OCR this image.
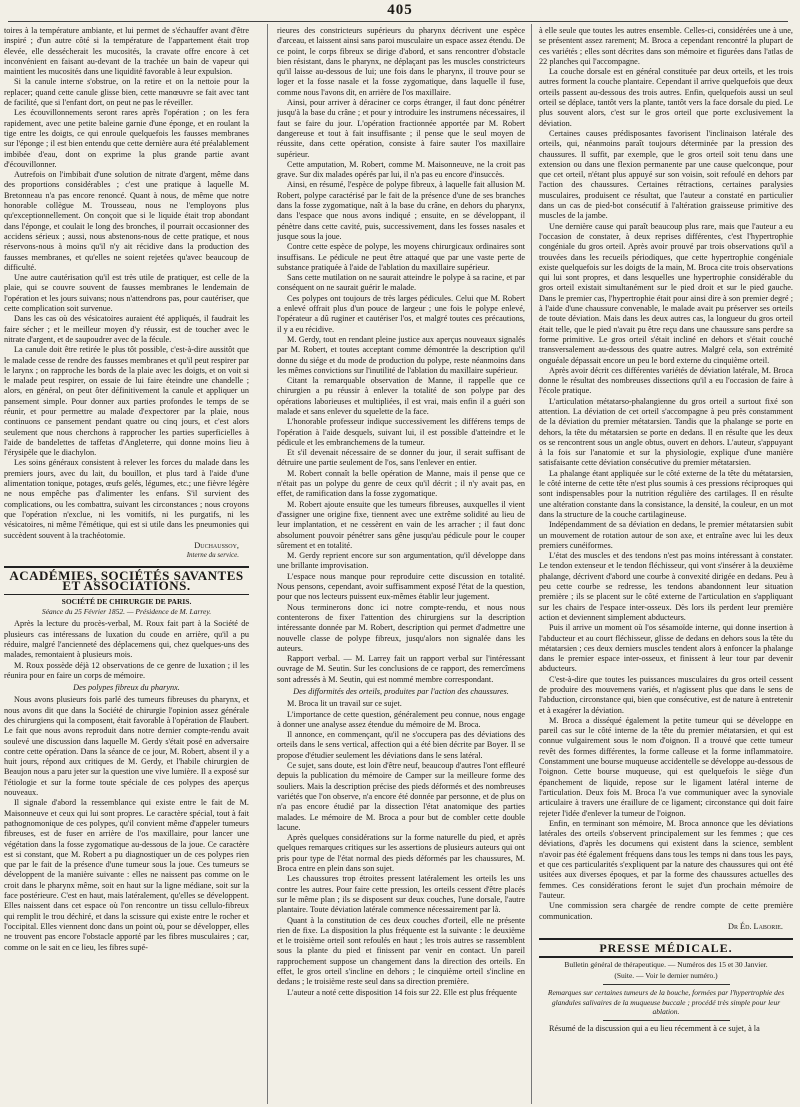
405

toires à la température ambiante, et lui permet de s'échauffer avant d'être inspiré ; d'un autre côté si la température de l'appartement était trop élevée, elle dessécherait les mucosités, la cravate offre encore à cet inconvénient en faisant au-devant de la trachée un bain de vapeur qui maintient les mucosités dans une liquidité favorable à leur expulsion.

Si la canule interne s'obstrue, on la retire et on la nettoie pour la replacer; quand cette canule glisse bien, cette manœuvre se fait avec tant de facilité, que si l'enfant dort, on peut ne pas le réveiller.

Les écouvillonnements seront rares après l'opération ; on les fera rapidement, avec une petite baleine garnie d'une éponge, et en roulant la tige entre les doigts, ce qui enroule quelquefois les fausses membranes sur l'éponge ; il est bien entendu que cette dernière aura été préalablement imbibée d'eau, dont on exprime la plus grande partie avant d'écouvillonner.

Autrefois on l'imbibait d'une solution de nitrate d'argent, même dans des proportions considérables ; c'est une pratique à laquelle M. Bretonneau n'a pas encore renoncé. Quant à nous, de même que notre honorable collègue M. Trousseau, nous ne l'employons plus qu'exceptionnellement. On conçoit que si le liquide était trop abondant dans l'éponge, et coulait le long des bronches, il pourrait occasionner des accidens sérieux ; aussi, nous abstenons-nous de cette pratique, et nous réservons-nous à moins qu'il n'y ait récidive dans la production des fausses membranes, et qu'elles ne soient rejetées qu'avec beaucoup de difficulté.

Une autre cautérisation qu'il est très utile de pratiquer, est celle de la plaie, qui se couvre souvent de fausses membranes le lendemain de l'opération et les jours suivans; nous n'attendrons pas, pour cautériser, que cette complication soit survenue.

Dans les cas où des vésicatoires auraient été appliqués, il faudrait les faire sécher ; et le meilleur moyen d'y réussir, est de toucher avec le nitrate d'argent, et de saupoudrer avec de la fécule.

La canule doit être retirée le plus tôt possible, c'est-à-dire aussitôt que le malade cesse de rendre des fausses membranes et qu'il peut respirer par le larynx ; on rapproche les bords de la plaie avec les doigts, et on voit si le malade peut respirer, on essaie de lui faire éteindre une chandelle ; alors, en général, on peut ôter définitivement la canule et appliquer un pansement simple. Pour donner aux parties profondes le temps de se réunir, et pour permettre au malade d'expectorer par la plaie, nous continuons ce pansement pendant quatre ou cinq jours, et c'est alors seulement que nous cherchons à rapprocher les parties superficielles à l'aide de bandelettes de taffetas d'Angleterre, qui donne moins lieu à l'érysipèle que le diachylon.

Les soins généraux consistent à relever les forces du malade dans les premiers jours, avec du lait, du bouillon, et plus tard à l'aide d'une alimentation tonique, potages, œufs gelés, légumes, etc.; une fièvre légère ne nous empêche pas d'alimenter les enfans. S'il survient des complications, ou les combattra, suivant les circonstances ; nous croyons que l'opération n'exclue, ni les vomitifs, ni les purgatifs, ni les vésicatoires, ni même l'émétique, qui est si utile dans les pneumonies qui succèdent souvent à la trachéotomie.

Duchaussoy,
Interne du service.
ACADÉMIES, SOCIÉTÉS SAVANTES ET ASSOCIATIONS.
SOCIÉTÉ DE CHIRURGIE DE PARIS.
Séance du 25 Février 1852. — Présidence de M. Larrey.

Après la lecture du procès-verbal, M. Roux fait part à la Société de plusieurs cas intéressans de luxation du coude en arrière, qu'il a pu réduire, malgré l'ancienneté des déplacemens qui, chez quelques-uns des malades, remontaient à plusieurs mois.

M. Roux possède déjà 12 observations de ce genre de luxation ; il les réunira pour en faire un corps de mémoire.

Des polypes fibreux du pharynx.

Nous avons plusieurs fois parlé des tumeurs fibreuses du pharynx, et nous avons dit que dans la Société de chirurgie l'opinion assez générale des chirurgiens qui la composent, était favorable à l'opération de Flaubert. Le fait que nous avons reproduit dans notre dernier compte-rendu avait soulevé une discussion dans laquelle M. Gerdy s'était posé en adversaire contre cette opération. Dans la séance de ce jour, M. Robert, absent il y a huit jours, répond aux critiques de M. Gerdy, et l'habile chirurgien de Beaujon nous a paru jeter sur la question une vive lumière. Il a exposé sur l'étiologie et sur la forme toute spéciale de ces polypes des aperçus nouveaux.

Il signale d'abord la ressemblance qui existe entre le fait de M. Maisonneuve et ceux qui lui sont propres. Le caractère spécial, tout à fait pathognomonique de ces polypes, qu'il convient même d'appeler tumeurs fibreuses, est de fuser en arrière de l'os maxillaire, pour lancer une végétation dans la fosse zygomatique au-dessous de la joue. Ce caractère est si constant, que M. Robert a pu diagnostiquer un de ces polypes rien que par le fait de la présence d'une tumeur sous la joue. Ces tumeurs se développent de la manière suivante : elles ne naissent pas comme on le croit dans le pharynx même, soit en haut sur la ligne médiane, soit sur la face postérieure. C'est en haut, mais latéralement, qu'elles se développent. Elles naissent dans cet espace où l'on rencontre un tissu cellulo-fibreux qui remplit le trou déchiré, et dans la scissure qui existe entre le rocher et l'occipital. Elles viennent donc dans un point où, pour se développer, elles ne trouvent pas encore l'obstacle apporté par les fibres musculaires ; car, comme on le sait en ce lieu, les fibres supé-

rieures des constricteurs supérieurs du pharynx décrivent une espèce d'arceau, et laissent ainsi sans paroi musculaire un espace assez étendu. De ce point, le corps fibreux se dirige d'abord, et sans rencontrer d'obstacle bien résistant, dans le pharynx, ne déplaçant pas les muscles constricteurs qu'il laisse au-dessous de lui; une fois dans le pharynx, il trouve pour se loger et la fosse nasale et la fosse zygomatique, dans laquelle il fuse, comme nous l'avons dit, en arrière de l'os maxillaire.

Ainsi, pour arriver à déraciner ce corps étranger, il faut donc pénétrer jusqu'à la base du crâne ; et pour y introduire les instrumens nécessaires, il faut se faire du jour. L'opération fractionnée apportée par M. Robert dangereuse et tout à fait insuffisante ; il pense que le seul moyen de réussite, dans cette opération, consiste à faire sauter l'os maxillaire supérieur.

Cette amputation, M. Robert, comme M. Maisonneuve, ne la croit pas grave. Sur dix malades opérés par lui, il n'a pas eu encore d'insuccès.

Ainsi, en résumé, l'espèce de polype fibreux, à laquelle fait allusion M. Robert, polype caractérisé par le fait de la présence d'une de ses branches dans la fosse zygomatique, naît à la base du crâne, en dehors du pharynx, dans l'espace que nous avons indiqué ; ensuite, en se développant, il pénètre dans cette cavité, puis, successivement, dans les fosses nasales et jusque sous la joue.

Contre cette espèce de polype, les moyens chirurgicaux ordinaires sont insuffisans. Le pédicule ne peut être attaqué que par une vaste perte de substance pratiquée à l'aide de l'ablation du maxillaire supérieur.

Sans cette mutilation on ne saurait atteindre le polype à sa racine, et par conséquent on ne saurait guérir le malade.

Ces polypes ont toujours de très larges pédicules. Celui que M. Robert a enlevé offrait plus d'un pouce de largeur ; une fois le polype enlevé, l'opérateur a dû ruginer et cautériser l'os, et malgré toutes ces précautions, il y a eu récidive.

M. Gerdy, tout en rendant pleine justice aux aperçus nouveaux signalés par M. Robert, et toutes acceptant comme démontrée la description qu'il donne du siége et du mode de production du polype, reste néanmoins dans les mêmes convictions sur l'inutilité de l'ablation du maxillaire supérieur.

Citant la remarquable observation de Manne, il rappelle que ce chirurgien a pu réussir à enlever la totalité de son polype par des opérations laborieuses et multipliées, il est vrai, mais enfin il a guéri son malade et sans enlever du squelette de la face.

L'honorable professeur indique successivement les différens temps de l'opération à l'aide desquels, suivant lui, il est possible d'atteindre et le pédicule et les embranchemens de la tumeur.

Et s'il devenait nécessaire de se donner du jour, il serait suffisant de détruire une partie seulement de l'os, sans l'enlever en entier.

M. Robert connaît la belle opération de Manne, mais il pense que ce n'était pas un polype du genre de ceux qu'il décrit ; il n'y avait pas, en effet, de ramification dans la fosse zygomatique.

M. Robert ajoute ensuite que les tumeurs fibreuses, auxquelles il vient d'assigner une origine fixe, tiennent avec une extrême solidité au lieu de leur implantation, et ne cessèrent en vain de les arracher ; il faut donc absolument pouvoir pénétrer sans gêne jusqu'au pédicule pour le couper sûrement et en totalité.

M. Gerdy reprient encore sur son argumentation, qu'il développe dans une brillante improvisation.

L'espace nous manque pour reproduire cette discussion en totalité. Nous pensons, cependant, avoir suffisamment exposé l'état de la question, pour que nos lecteurs puissent eux-mêmes établir leur jugement.

Nous terminerons donc ici notre compte-rendu, et nous nous contenterons de fixer l'attention des chirurgiens sur la description intéressante donnée par M. Robert, description qui permet d'admettre une nouvelle classe de polype fibreux, jusqu'alors non signalée dans les auteurs.

Rapport verbal. — M. Larrey fait un rapport verbal sur l'intéressant ouvrage de M. Seutin. Sur les conclusions de ce rapport, des remercîmens sont adressés à M. Seutin, qui est nommé membre correspondant.

Des difformités des orteils, produites par l'action des chaussures.

M. Broca lit un travail sur ce sujet.

L'importance de cette question, généralement peu connue, nous engage à donner une analyse assez étendue du mémoire de M. Broca.

Il annonce, en commençant, qu'il ne s'occupera pas des déviations des orteils dans le sens vertical, affection qui a été bien décrite par Boyer. Il se propose d'étudier seulement les déviations dans le sens latéral.

Ce sujet, sans doute, est loin d'être neuf, beaucoup d'autres l'ont effleuré depuis la publication du mémoire de Camper sur la meilleure forme des souliers. Mais la description précise des pieds déformés et des nombreuses variétés que l'on observe, n'a encore été donnée par personne, et de plus on n'a pas encore étudié par la dissection l'état anatomique des parties malades. Le mémoire de M. Broca a pour but de combler cette double lacune.

Après quelques considérations sur la forme naturelle du pied, et après quelques remarques critiques sur les assertions de plusieurs auteurs qui ont pris pour type de l'état normal des pieds déformés par les chaussures, M. Broca entre en plein dans son sujet.

Les chaussures trop étroites pressent latéralement les orteils les uns contre les autres. Pour faire cette pression, les orteils cessent d'être placés sur le même plan ; ils se disposent sur deux couches, l'une dorsale, l'autre plantaire. Toute déviation latérale commence nécessairement par là.

Quant à la constitution de ces deux couches d'orteil, elle ne présente rien de fixe. La disposition la plus fréquente est la suivante : le deuxième et le troisième orteil sont refoulés en haut ; les trois autres se rassemblent sous la plante du pied et finissent par venir en contact. Un pareil rapprochement suppose un changement dans la direction des orteils. En effet, le gros orteil s'incline en dehors ; le cinquième orteil s'incline en dedans ; le troisième reste seul dans sa direction première.

L'auteur a noté cette disposition 14 fois sur 22. Elle est plus fréquente

à elle seule que toutes les autres ensemble. Celles-ci, considérées une à une, se présentent assez rarement; M. Broca a cependant rencontré la plupart de ces variétés ; elles sont décrites dans son mémoire et figurées dans l'atlas de 22 planches qui l'accompagne.

La couche dorsale est en général constituée par deux orteils, et les trois autres forment la couche plantaire. Cependant il arrive quelquefois que deux orteils passent au-dessous des trois autres. Enfin, quelquefois aussi un seul orteil se déplace, tantôt vers la plante, tantôt vers la face dorsale du pied. Le plus souvent alors, c'est sur le gros orteil que porte exclusivement la déviation.

Certaines causes prédisposantes favorisent l'inclinaison latérale des orteils, qui, néanmoins paraît toujours déterminée par la pression des chaussures. Il suffit, par exemple, que le gros orteil soit tenu dans une extension ou dans une flexion permanente par une cause quelconque, pour que cet orteil, n'étant plus appuyé sur son voisin, soit refoulé en dehors par l'action des chaussures. Certaines rétractions, certaines paralysies musculaires, produisent ce résultat, que l'auteur a constaté en particulier dans un cas de pied-bot consécutif à l'altération graisseuse primitive des muscles de la jambe.

Une dernière cause qui paraît beaucoup plus rare, mais que l'auteur a eu l'occasion de constater, à deux reprises différentes, c'est l'hypertrophie congéniale du gros orteil. Après avoir prouvé par trois observations qu'il a trouvées dans les recueils périodiques, que cette hypertrophie congéniale existe quelquefois sur les doigts de la main, M. Broca cite trois observations qui lui sont propres, et dans lesquelles une hypertrophie considérable du gros orteil existait simultanément sur le pied droit et sur le pied gauche. Dans le premier cas, l'hypertrophie était pour ainsi dire à son premier degré ; à l'aide d'une chaussure convenable, le malade avait pu préserver ses orteils de toute déviation. Mais dans les deux autres cas, la longueur du gros orteil était telle, que le pied n'avait pu être reçu dans une chaussure sans perdre sa forme primitive. Le gros orteil s'était incliné en dehors et s'était couché transversalement au-dessous des quatre autres. Malgré cela, son extrémité onguéale dépassait encore un peu le bord externe du cinquième orteil.

Après avoir décrit ces différentes variétés de déviation latérale, M. Broca donne le résultat des nombreuses dissections qu'il a eu l'occasion de faire à l'école pratique.

L'articulation métatarso-phalangienne du gros orteil a surtout fixé son attention. La déviation de cet orteil s'accompagne à peu près constamment de la déviation du premier métatarsien. Tandis que la phalange se porte en dehors, la tête du métatarsien se porte en dedans. Il en résulte que les deux os se rencontrent sous un angle obtus, ouvert en dehors. L'auteur, s'appuyant à la fois sur l'anatomie et sur la physiologie, explique d'une manière satisfaisante cette déviation consécutive du premier métatarsien.

La phalange étant appliquée sur le côté externe de la tête du métatarsien, le côté interne de cette tête n'est plus soumis à ces pressions réciproques qui sont indispensables pour la nutrition régulière des cartilages. Il en résulte une altération constante dans la consistance, la densité, la couleur, en un mot dans la structure de la couche cartilagineuse.

Indépendamment de sa déviation en dedans, le premier métatarsien subit un mouvement de rotation autour de son axe, et entraîne avec lui les deux premiers cunéiformes.

L'état des muscles et des tendons n'est pas moins intéressant à constater. Le tendon extenseur et le tendon fléchisseur, qui vont s'insérer à la deuxième phalange, décrivent d'abord une courbe à convexité dirigée en dedans. Peu à peu cette courbe se redresse, les tendons abandonnent leur situation première ; ils se placent sur le côté externe de l'articulation en s'appliquant sur les chairs de l'espace inter-osseux. Dès lors ils perdent leur première action et deviennent simplement abducteurs.

Puis il arrive un moment où l'os sésamoïde interne, qui donne insertion à l'abducteur et au court fléchisseur, glisse de dedans en dehors sous la tête du métatarsien ; ces deux derniers muscles tendent alors à enfoncer la phalange dans le premier espace inter-osseux, et finissent à leur tour par devenir abducteurs.

C'est-à-dire que toutes les puissances musculaires du gros orteil cessent de produire des mouvemens variés, et n'agissent plus que dans le sens de l'abduction, circonstance qui, bien que consécutive, est de nature à entretenir et à exagérer la déviation.

M. Broca a disséqué également la petite tumeur qui se développe en pareil cas sur le côté interne de la tête du premier métatarsien, et qui est connue vulgairement sous le nom d'oignon. Il a trouvé que cette tumeur revêt des formes différentes, la forme calleuse et la forme inflammatoire. Constamment une bourse muqueuse accidentelle se développe au-dessous de l'oignon. Cette bourse muqueuse, qui est quelquefois le siège d'un épanchement de liquide, repose sur le ligament latéral interne de l'articulation. Deux fois M. Broca l'a vue communiquer avec la synoviale articulaire à travers une éraillure de ce ligament; circonstance qui doit faire rejeter l'idée d'enlever la tumeur de l'oignon.

Enfin, en terminant son mémoire, M. Broca annonce que les déviations latérales des orteils s'observent principalement sur les femmes ; que ces déviations, d'après les documens qui existent dans la science, semblent n'avoir pas été également fréquens dans tous les temps ni dans tous les pays, et que ces particularités s'expliquent par la nature des chaussures qui ont été usitées aux diverses époques, et par la forme des chaussures actuelles des femmes. Ces considérations feront le sujet d'un prochain mémoire de l'auteur.

Une commission sera chargée de rendre compte de cette première communication.

Dr Éd. Laborie.
PRESSE MÉDICALE.
Bulletin général de thérapeutique. — Numéros des 15 et 30 Janvier.
(Suite. — Voir le dernier numéro.)
Remarques sur certaines tumeurs de la bouche, formées par l'hypertrophie des glandules salivaires de la muqueuse buccale ; procédé très simple pour leur ablation.

Résumé de la discussion qui a eu lieu récemment à ce sujet, à la
